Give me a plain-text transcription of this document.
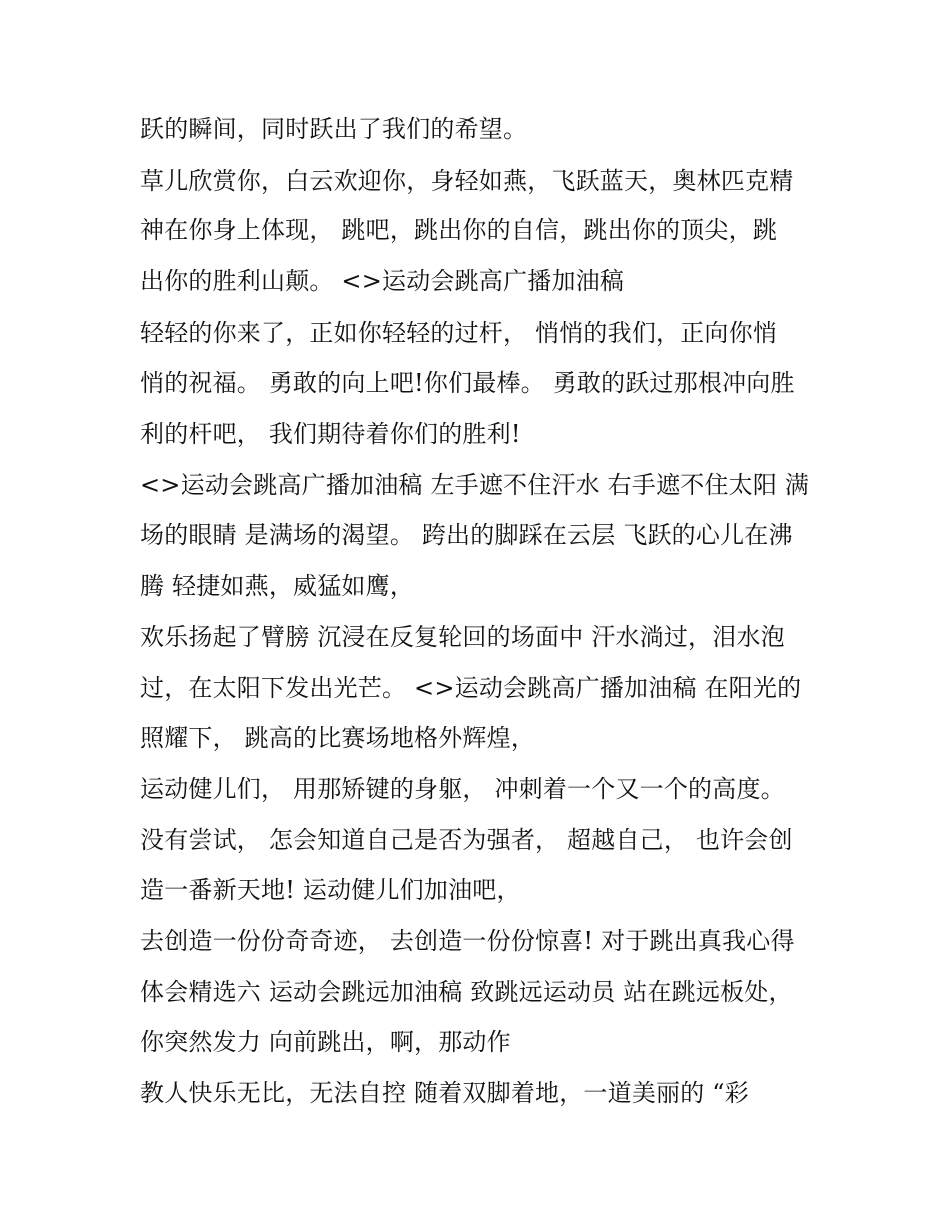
跃的瞬间，同时跃出了我们的希望。
草儿欣赏你，白云欢迎你，身轻如燕，飞跃蓝天，奥林匹克精
神在你身上体现， 跳吧，跳出你的自信，跳出你的顶尖，跳
出你的胜利山颠。 <>运动会跳高广播加油稿
轻轻的你来了，正如你轻轻的过杆， 悄悄的我们，正向你悄
悄的祝福。 勇敢的向上吧!你们最棒。 勇敢的跃过那根冲向胜
利的杆吧， 我们期待着你们的胜利!
<>运动会跳高广播加油稿 左手遮不住汗水 右手遮不住太阳 满
场的眼睛 是满场的渴望。 跨出的脚踩在云层 飞跃的心儿在沸
腾 轻捷如燕，威猛如鹰，
欢乐扬起了臂膀 沉浸在反复轮回的场面中 汗水淌过，泪水泡
过，在太阳下发出光芒。 <>运动会跳高广播加油稿 在阳光的
照耀下， 跳高的比赛场地格外辉煌，
运动健儿们， 用那矫键的身躯， 冲刺着一个又一个的高度。
没有尝试， 怎会知道自己是否为强者， 超越自己， 也许会创
造一番新天地! 运动健儿们加油吧，
去创造一份份奇奇迹， 去创造一份份惊喜! 对于跳出真我心得
体会精选六 运动会跳远加油稿 致跳远运动员 站在跳远板处，
你突然发力 向前跳出，啊，那动作
教人快乐无比，无法自控 随着双脚着地，一道美丽的 “彩
